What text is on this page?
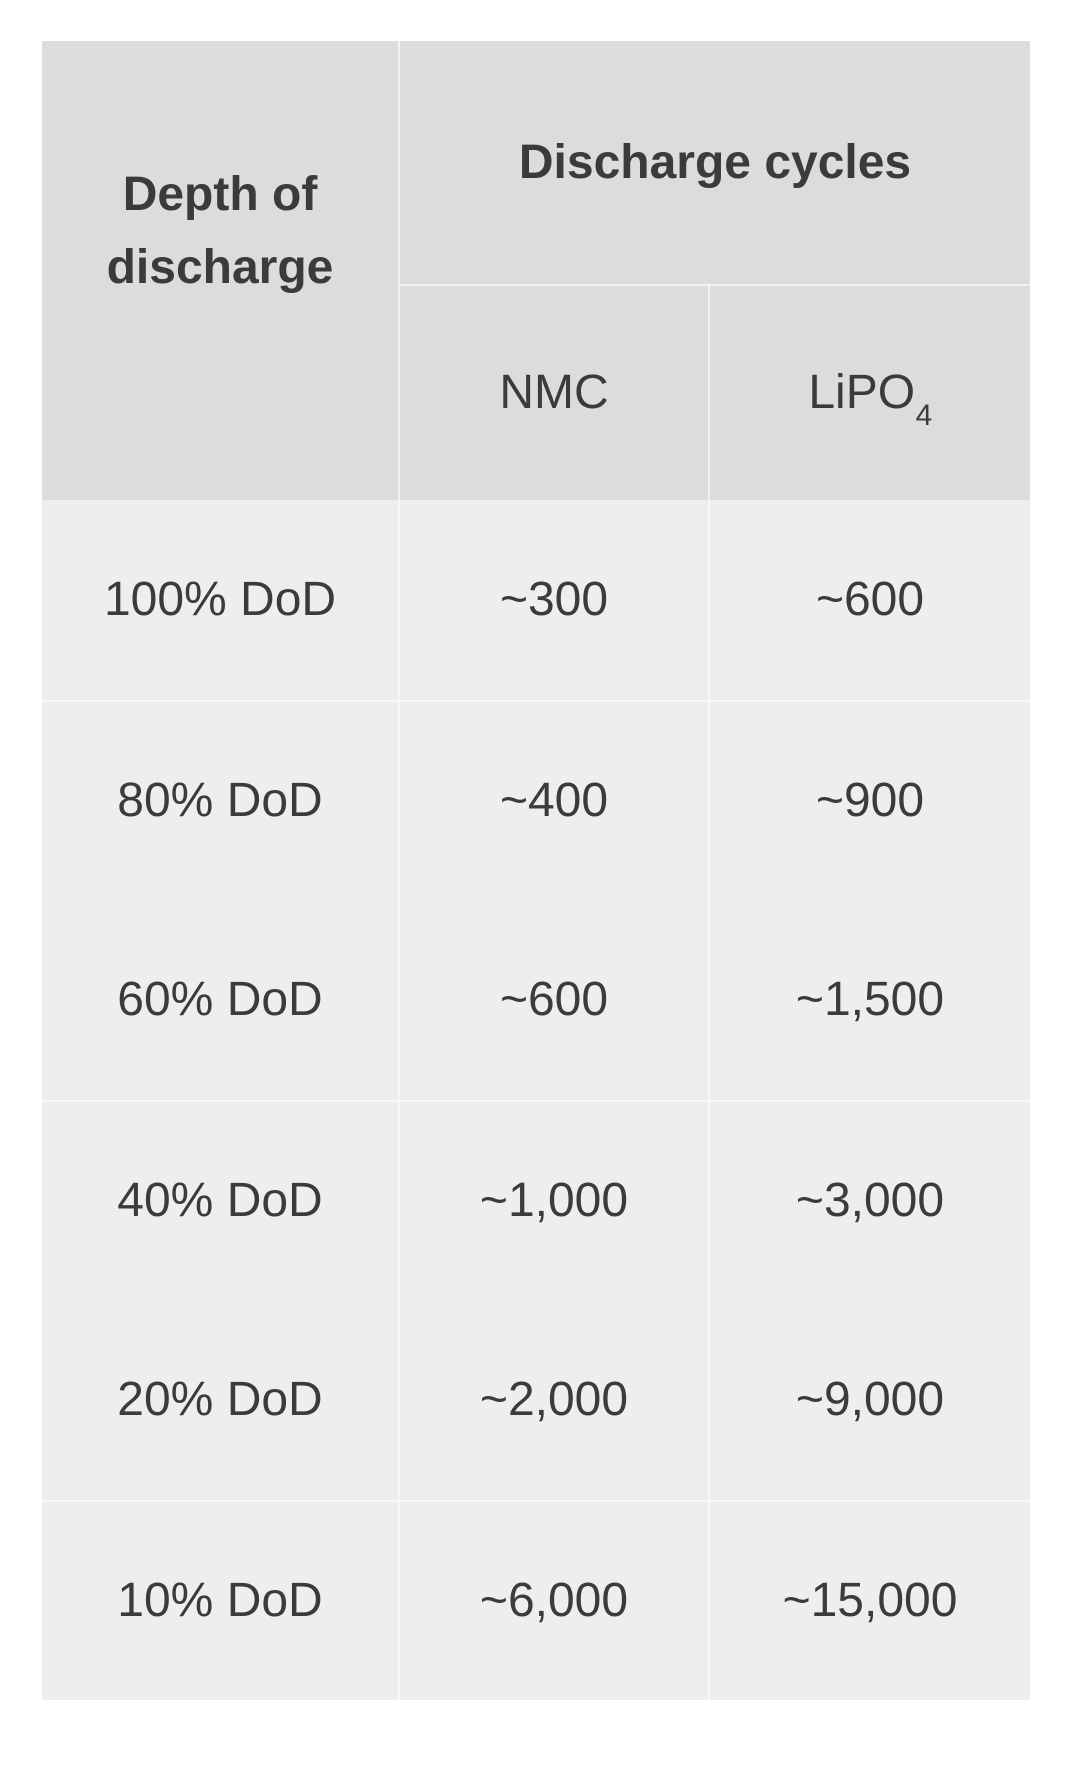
Depth of discharge
Discharge cycles
NMC	LiPO$_4$
100% DoD	~300	~600
80% DoD	~400	~900
60% DoD	~600	~1,500
40% DoD	~1,000	~3,000
20% DoD	~2,000	~9,000
10% DoD	~6,000	~15,000
